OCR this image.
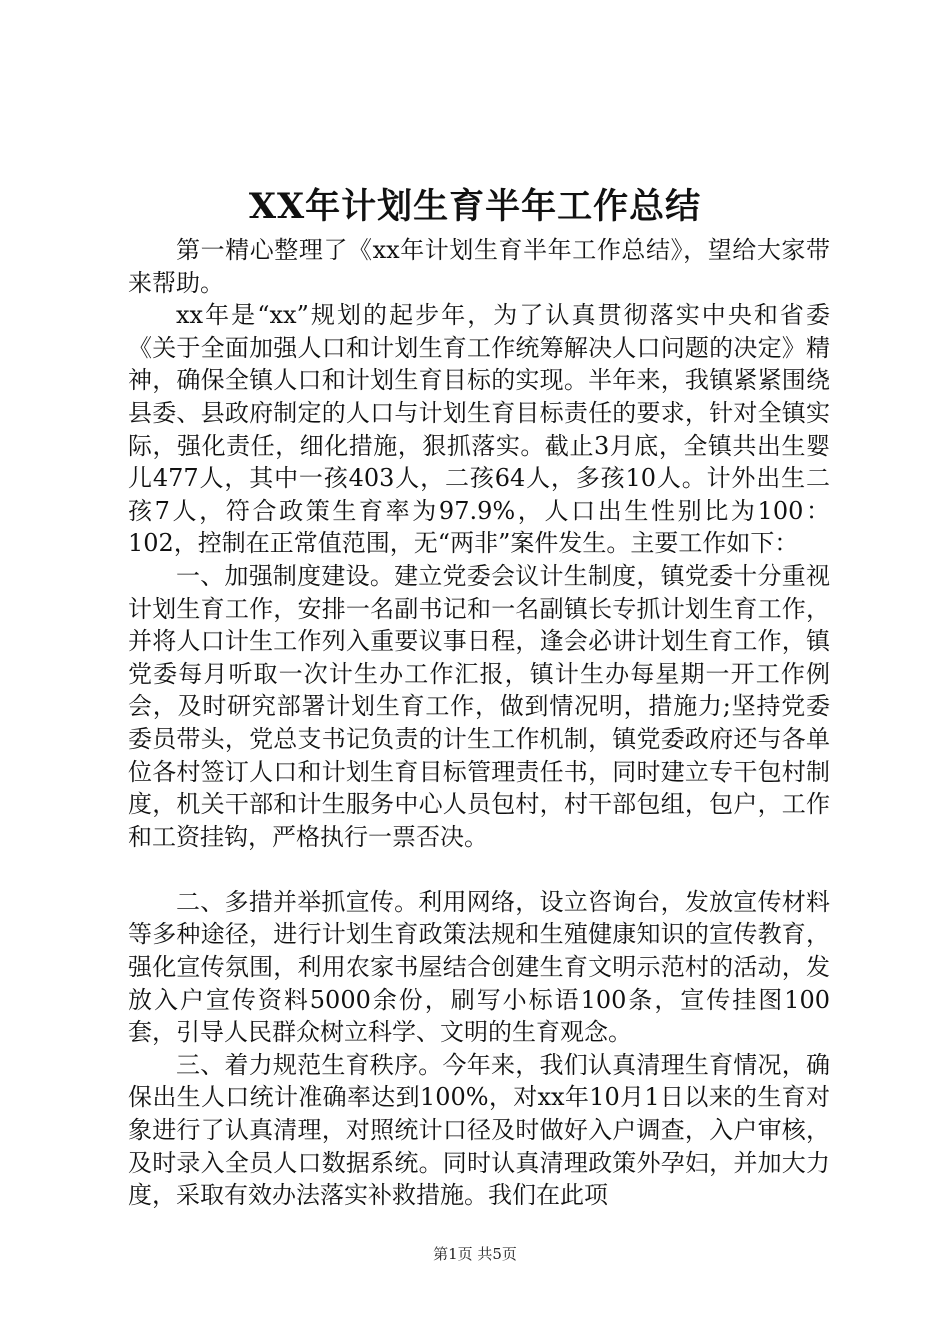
XX年计划生育半年工作总结

第一精心整理了《xx年计划生育半年工作总结》，望给大家带来帮助。

xx年是“xx”规划的起步年，为了认真贯彻落实中央和省委《关于全面加强人口和计划生育工作统筹解决人口问题的决定》精神，确保全镇人口和计划生育目标的实现。半年来，我镇紧紧围绕县委、县政府制定的人口与计划生育目标责任的要求，针对全镇实际，强化责任，细化措施，狠抓落实。截止3月底，全镇共出生婴儿477人，其中一孩403人，二孩64人，多孩10人。计外出生二孩7人，符合政策生育率为97.9%，人口出生性别比为100：102，控制在正常值范围，无“两非”案件发生。主要工作如下：

一、加强制度建设。建立党委会议计生制度，镇党委十分重视计划生育工作，安排一名副书记和一名副镇长专抓计划生育工作，并将人口计生工作列入重要议事日程，逢会必讲计划生育工作，镇党委每月听取一次计生办工作汇报，镇计生办每星期一开工作例会，及时研究部署计划生育工作，做到情况明，措施力;坚持党委委员带头，党总支书记负责的计生工作机制，镇党委政府还与各单位各村签订人口和计划生育目标管理责任书，同时建立专干包村制度，机关干部和计生服务中心人员包村，村干部包组，包户，工作和工资挂钩，严格执行一票否决。

二、多措并举抓宣传。利用网络，设立咨询台，发放宣传材料等多种途径，进行计划生育政策法规和生殖健康知识的宣传教育，强化宣传氛围，利用农家书屋结合创建生育文明示范村的活动，发放入户宣传资料5000余份，刷写小标语100条，宣传挂图100套，引导人民群众树立科学、文明的生育观念。

三、着力规范生育秩序。今年来，我们认真清理生育情况，确保出生人口统计准确率达到100%，对xx年10月1日以来的生育对象进行了认真清理，对照统计口径及时做好入户调查，入户审核，及时录入全员人口数据系统。同时认真清理政策外孕妇，并加大力度，采取有效办法落实补救措施。我们在此项

第1页 共5页
